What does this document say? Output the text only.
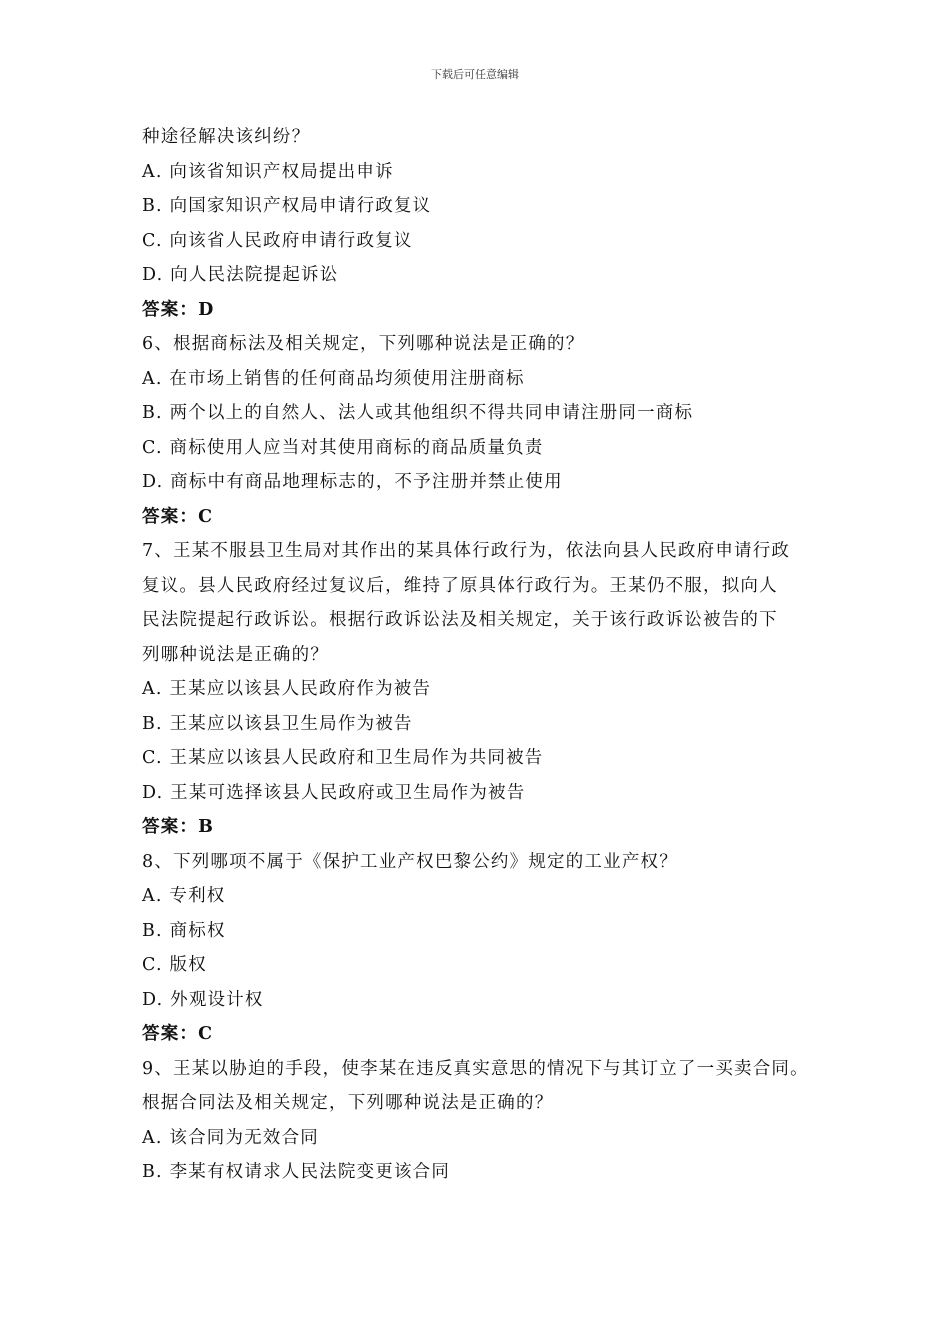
下载后可任意编辑
种途径解决该纠纷？
A. 向该省知识产权局提出申诉
B. 向国家知识产权局申请行政复议
C. 向该省人民政府申请行政复议
D. 向人民法院提起诉讼
答案：D
6、根据商标法及相关规定，下列哪种说法是正确的？
A. 在市场上销售的任何商品均须使用注册商标
B. 两个以上的自然人、法人或其他组织不得共同申请注册同一商标
C. 商标使用人应当对其使用商标的商品质量负责
D. 商标中有商品地理标志的，不予注册并禁止使用
答案：C
7、王某不服县卫生局对其作出的某具体行政行为，依法向县人民政府申请行政
复议。县人民政府经过复议后，维持了原具体行政行为。王某仍不服，拟向人
民法院提起行政诉讼。根据行政诉讼法及相关规定，关于该行政诉讼被告的下
列哪种说法是正确的？
A. 王某应以该县人民政府作为被告
B. 王某应以该县卫生局作为被告
C. 王某应以该县人民政府和卫生局作为共同被告
D. 王某可选择该县人民政府或卫生局作为被告
答案：B
8、下列哪项不属于《保护工业产权巴黎公约》规定的工业产权？
A. 专利权
B. 商标权
C. 版权
D. 外观设计权
答案：C
9、王某以胁迫的手段，使李某在违反真实意思的情况下与其订立了一买卖合同。
根据合同法及相关规定，下列哪种说法是正确的？
A. 该合同为无效合同
B. 李某有权请求人民法院变更该合同
